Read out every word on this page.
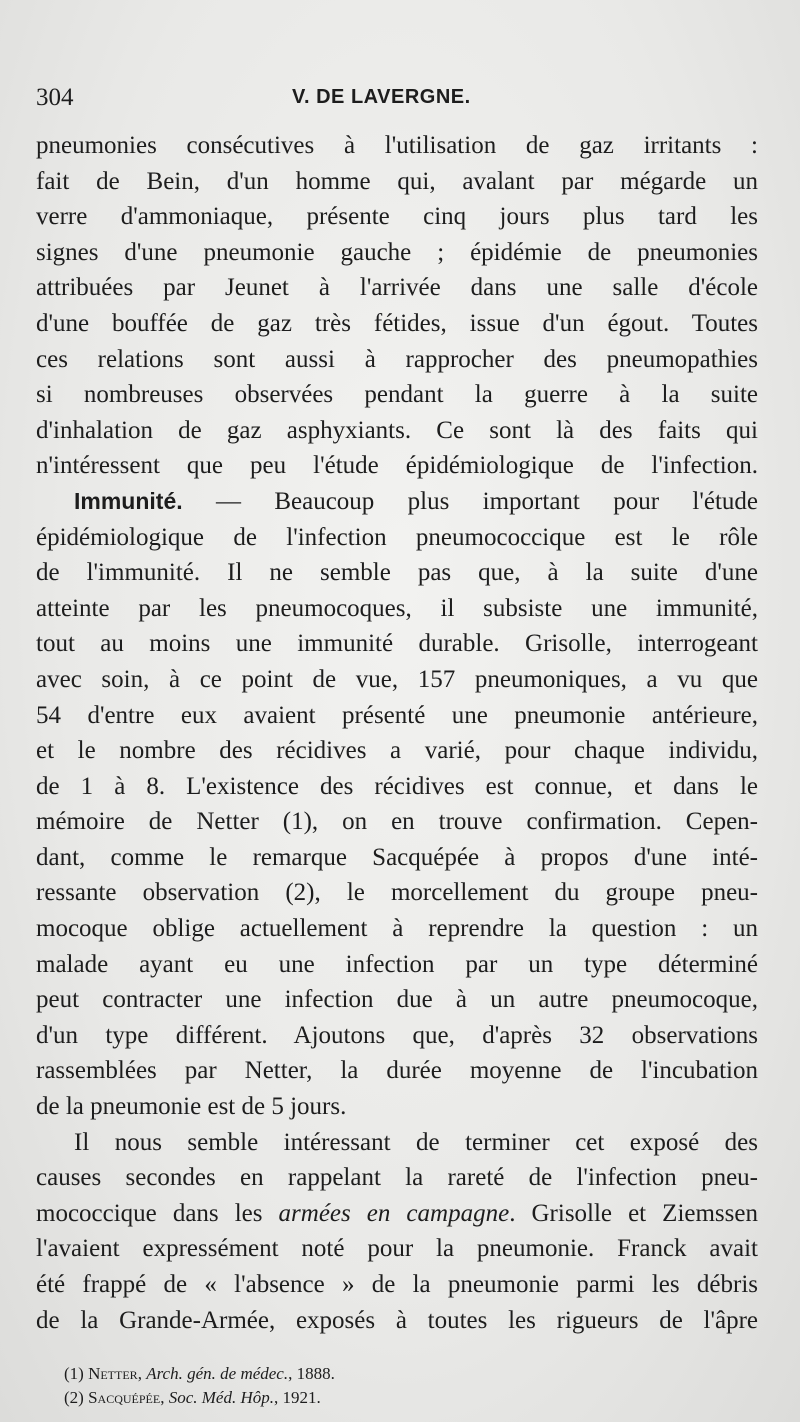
304	V. DE LAVERGNE.
pneumonies consécutives à l'utilisation de gaz irritants :
fait de Bein, d'un homme qui, avalant par mégarde un
verre d'ammoniaque, présente cinq jours plus tard les
signes d'une pneumonie gauche ; épidémie de pneumonies
attribuées par Jeunet à l'arrivée dans une salle d'école
d'une bouffée de gaz très fétides, issue d'un égout. Toutes
ces relations sont aussi à rapprocher des pneumopathies
si nombreuses observées pendant la guerre à la suite
d'inhalation de gaz asphyxiants. Ce sont là des faits qui
n'intéressent que peu l'étude épidémiologique de l'infection.
Immunité. — Beaucoup plus important pour l'étude
épidémiologique de l'infection pneumococcique est le rôle
de l'immunité. Il ne semble pas que, à la suite d'une
atteinte par les pneumocoques, il subsiste une immunité,
tout au moins une immunité durable. Grisolle, interrogeant
avec soin, à ce point de vue, 157 pneumoniques, a vu que
54 d'entre eux avaient présenté une pneumonie antérieure,
et le nombre des récidives a varié, pour chaque individu,
de 1 à 8. L'existence des récidives est connue, et dans le
mémoire de Netter (1), on en trouve confirmation. Cepen-
dant, comme le remarque Sacquépée à propos d'une inté-
ressante observation (2), le morcellement du groupe pneu-
mocoque oblige actuellement à reprendre la question : un
malade ayant eu une infection par un type déterminé
peut contracter une infection due à un autre pneumocoque,
d'un type différent. Ajoutons que, d'après 32 observations
rassemblées par Netter, la durée moyenne de l'incubation
de la pneumonie est de 5 jours.
Il nous semble intéressant de terminer cet exposé des
causes secondes en rappelant la rareté de l'infection pneu-
mococcique dans les armées en campagne. Grisolle et Ziemssen
l'avaient expressément noté pour la pneumonie. Franck avait
été frappé de « l'absence » de la pneumonie parmi les débris
de la Grande-Armée, exposés à toutes les rigueurs de l'âpre
(1) Netter, Arch. gén. de médec., 1888.
(2) Sacquépée, Soc. Méd. Hôp., 1921.
